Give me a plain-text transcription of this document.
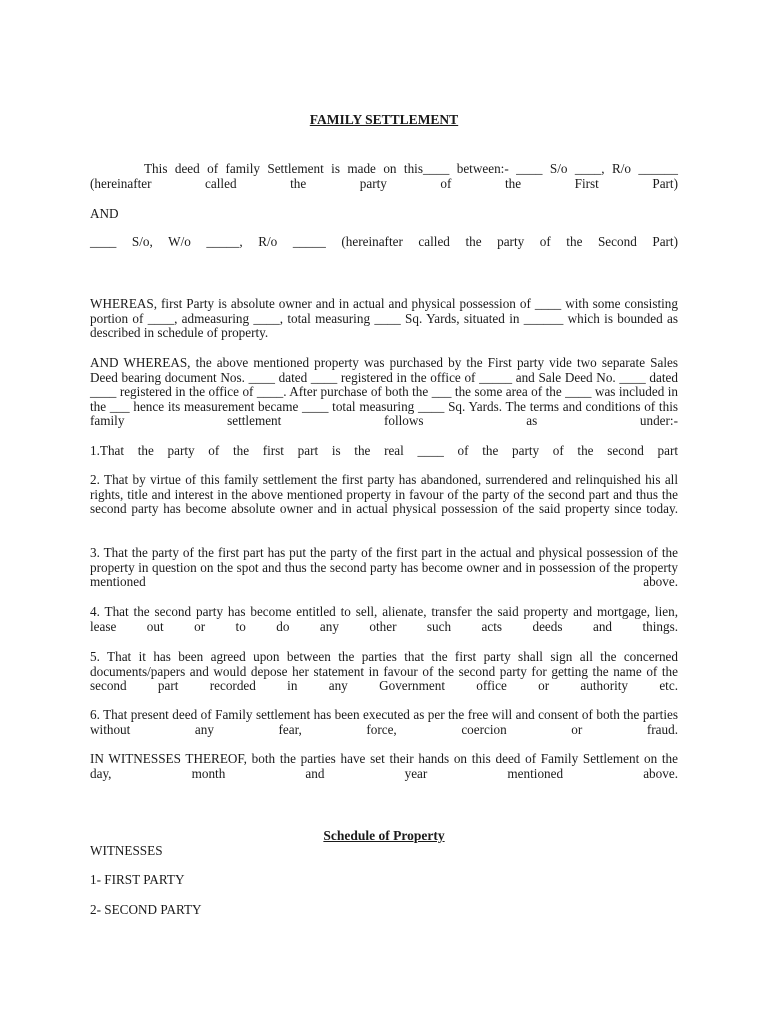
FAMILY SETTLEMENT
This deed of family Settlement is made on this____ between:- ____ S/o ____, R/o ______ (hereinafter called the party of the First Part)
AND
____ S/o, W/o _____, R/o _____ (hereinafter called the party of the Second Part)
WHEREAS, first Party is absolute owner and in actual and physical possession of ____ with some consisting portion of ____, admeasuring ____, total measuring ____ Sq. Yards, situated in ______ which is bounded as described in schedule of property.
AND WHEREAS, the above mentioned property was purchased by the First party vide two separate Sales Deed bearing document Nos. ____ dated ____ registered in the office of _____ and Sale Deed No. ____ dated ____ registered in the office of ____. After purchase of both the ___ the some area of the ____ was included in the ___ hence its measurement became ____ total measuring ____ Sq. Yards. The terms and conditions of this family settlement follows as under:-
1.That the party of the first part is the real ____ of the party of the second part
2. That by virtue of this family settlement the first party has abandoned, surrendered and relinquished his all rights, title and interest in the above mentioned property in favour of the party of the second part and thus the second party has become absolute owner and in actual physical possession of the said property since today.
3. That the party of the first part has put the party of the first part in the actual and physical possession of the property in question on the spot and thus the second party has become owner and in possession of the property mentioned above.
4. That the second party has become entitled to sell, alienate, transfer the said property and mortgage, lien, lease out or to do any other such acts deeds and things.
5. That it has been agreed upon between the parties that the first party shall sign all the concerned documents/papers and would depose her statement in favour of the second party for getting the name of the second part recorded in any Government office or authority etc.
6. That present deed of Family settlement has been executed as per the free will and consent of both the parties without any fear, force, coercion or fraud.
IN WITNESSES THEREOF, both the parties have set their hands on this deed of Family Settlement on the day, month and year mentioned above.
Schedule of Property
WITNESSES
1- FIRST PARTY
2- SECOND PARTY
